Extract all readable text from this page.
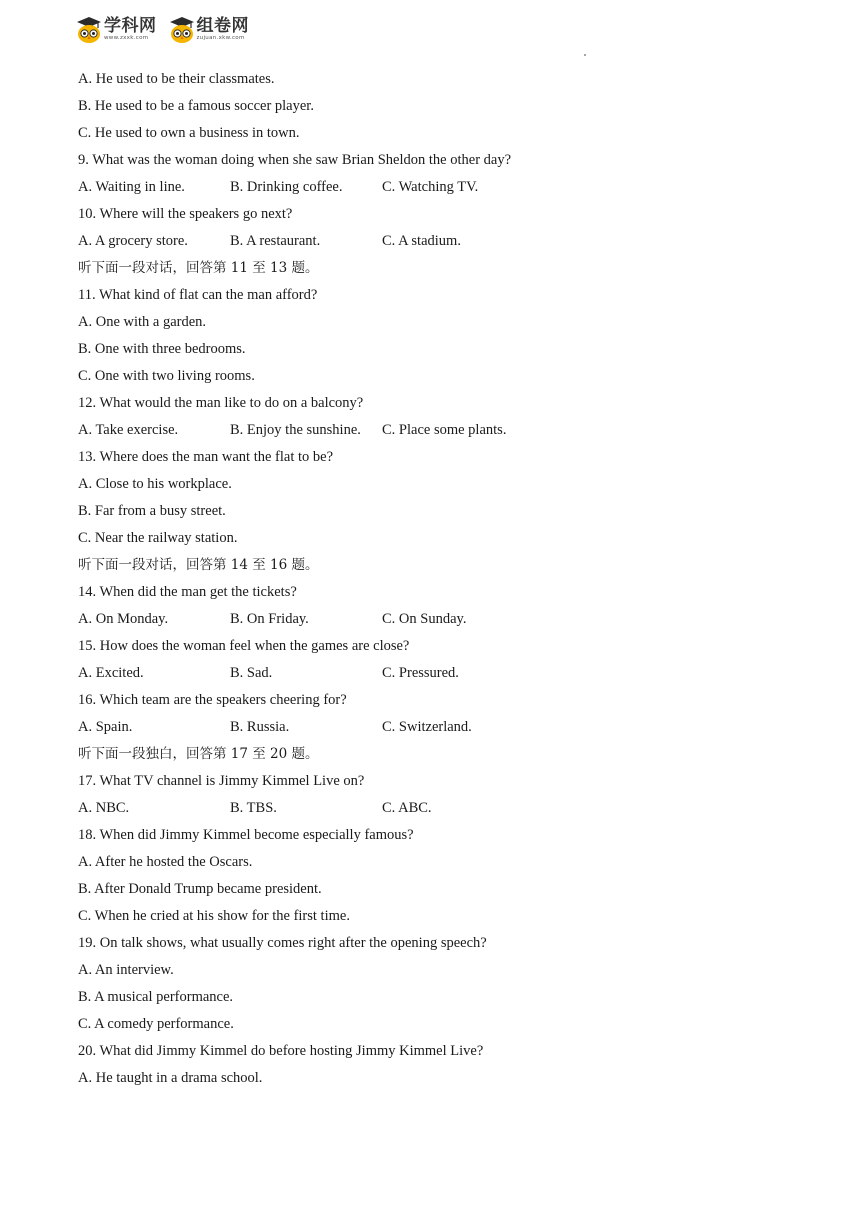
学科网
www.zxxk.com
组卷网
zujuan.xkw.com
A. He used to be their classmates.
B. He used to be a famous soccer player.
C. He used to own a business in town.
9. What was the woman doing when she saw Brian Sheldon the other day?
A. Waiting in line.	B. Drinking coffee.	C. Watching TV.
10. Where will the speakers go next?
A. A grocery store.	B. A restaurant.	C. A stadium.
听下面一段对话，回答第 11 至 13 题。
11. What kind of flat can the man afford?
A. One with a garden.
B. One with three bedrooms.
C. One with two living rooms.
12. What would the man like to do on a balcony?
A. Take exercise.	B. Enjoy the sunshine.	C. Place some plants.
13. Where does the man want the flat to be?
A. Close to his workplace.
B. Far from a busy street.
C. Near the railway station.
听下面一段对话，回答第 14 至 16 题。
14. When did the man get the tickets?
A. On Monday.	B. On Friday.	C. On Sunday.
15. How does the woman feel when the games are close?
A. Excited.	B. Sad.	C. Pressured.
16. Which team are the speakers cheering for?
A. Spain.	B. Russia.	C. Switzerland.
听下面一段独白，回答第 17 至 20 题。
17. What TV channel is Jimmy Kimmel Live on?
A. NBC.	B. TBS.	C. ABC.
18. When did Jimmy Kimmel become especially famous?
A. After he hosted the Oscars.
B. After Donald Trump became president.
C. When he cried at his show for the first time.
19. On talk shows, what usually comes right after the opening speech?
A. An interview.
B. A musical performance.
C. A comedy performance.
20. What did Jimmy Kimmel do before hosting Jimmy Kimmel Live?
A. He taught in a drama school.
